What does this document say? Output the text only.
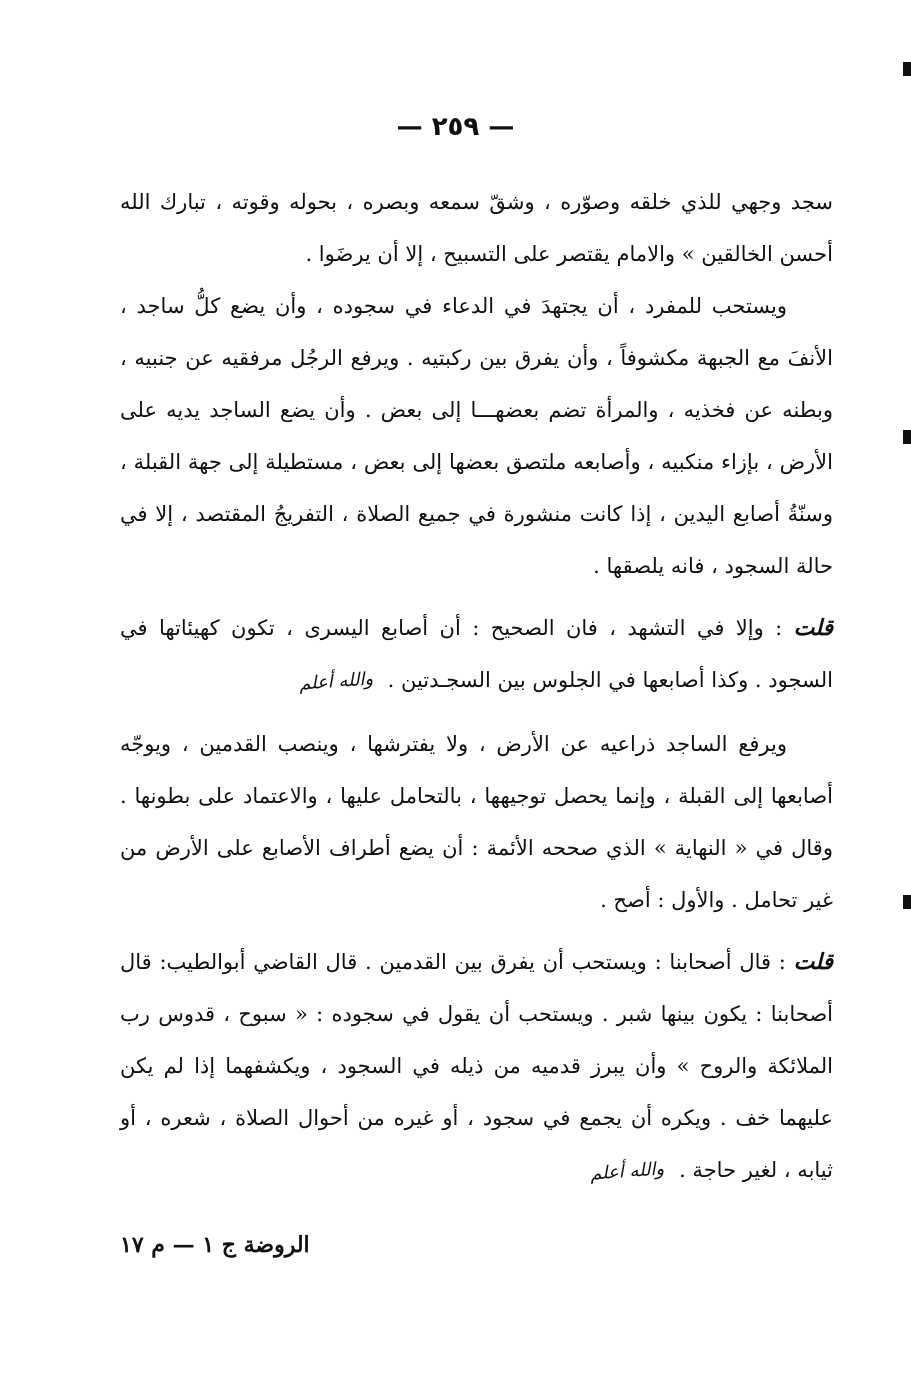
— ٢٥٩ —

سجد وجهي للذي خلقه وصوّره ، وشقّ سمعه وبصره ، بحوله وقوته ، تبارك الله أحسن الخالقين » والامام يقتصر على التسبيح ، إلا أن يرضَوا .

ويستحب للمفرد ، أن يجتهدَ في الدعاء في سجوده ، وأن يضع كلُّ ساجد ، الأنفَ مع الجبهة مكشوفاً ، وأن يفرق بين ركبتيه . ويرفع الرجُل مرفقيه عن جنبيه ، وبطنه عن فخذيه ، والمرأة تضم بعضهـــا إلى بعض . وأن يضع الساجد يديه على الأرض ، بإزاء منكبيه ، وأصابعه ملتصق بعضها إلى بعض ، مستطيلة إلى جهة القبلة ، وسنّةُ أصابع اليدين ، إذا كانت منشورة في جميع الصلاة ، التفريجُ المقتصد ، إلا في حالة السجود ، فانه يلصقها .

قلت : وإلا في التشهد ، فان الصحيح : أن أصابع اليسرى ، تكون كهيئاتها في السجود . وكذا أصابعها في الجلوس بين السجـدتين . والله أعلم

ويرفع الساجد ذراعيه عن الأرض ، ولا يفترشها ، وينصب القدمين ، ويوجّه أصابعها إلى القبلة ، وإنما يحصل توجيهها ، بالتحامل عليها ، والاعتماد على بطونها . وقال في « النهاية » الذي صححه الأئمة : أن يضع أطراف الأصابع على الأرض من غير تحامل . والأول : أصح .

قلت : قال أصحابنا : ويستحب أن يفرق بين القدمين . قال القاضي أبوالطيب: قال أصحابنا : يكون بينها شبر . ويستحب أن يقول في سجوده : « سبوح ، قدوس رب الملائكة والروح » وأن يبرز قدميه من ذيله في السجود ، ويكشفهما إذا لم يكن عليهما خف . ويكره أن يجمع في سجود ، أو غيره من أحوال الصلاة ، شعره ، أو ثيابه ، لغير حاجة . والله أعلم

الروضة ج ١ — م ١٧
